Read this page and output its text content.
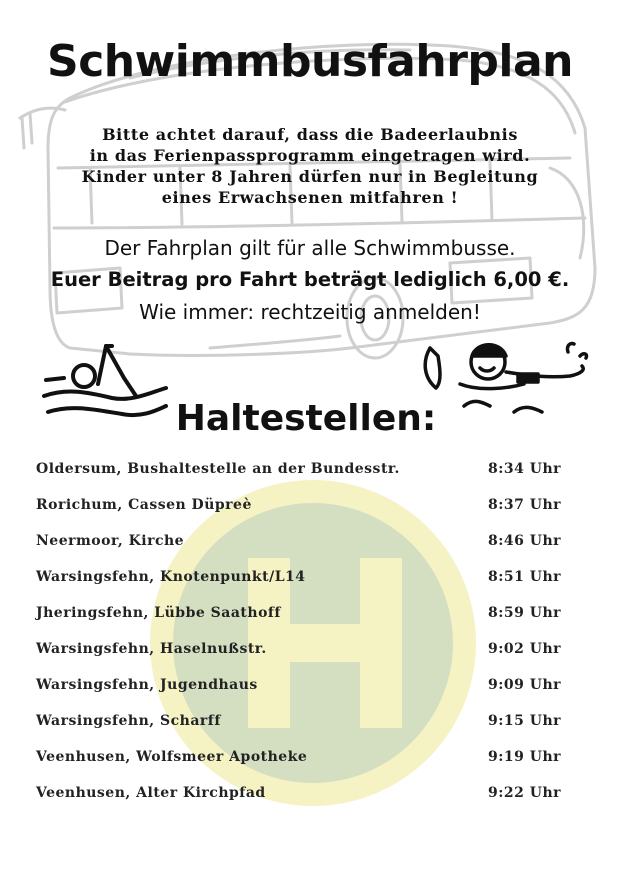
Schwimmbusfahrplan
Bitte achtet darauf, dass die Badeerlaubnis
in das Ferienpassprogramm eingetragen wird.
Kinder unter 8 Jahren dürfen nur in Begleitung
eines Erwachsenen mitfahren !
Der Fahrplan gilt für alle Schwimmbusse.
Euer Beitrag pro Fahrt beträgt lediglich 6,00 €.
Wie immer: rechtzeitig anmelden!
Haltestellen:
Oldersum, Bushaltestelle an der Bundesstr.	8:34 Uhr
Rorichum, Cassen Düpreè	8:37 Uhr
Neermoor, Kirche	8:46 Uhr
Warsingsfehn, Knotenpunkt/L14	8:51 Uhr
Jheringsfehn, Lübbe Saathoff	8:59 Uhr
Warsingsfehn, Haselnußstr.	9:02 Uhr
Warsingsfehn, Jugendhaus	9:09 Uhr
Warsingsfehn, Scharff	9:15 Uhr
Veenhusen, Wolfsmeer Apotheke	9:19 Uhr
Veenhusen, Alter Kirchpfad	9:22 Uhr
